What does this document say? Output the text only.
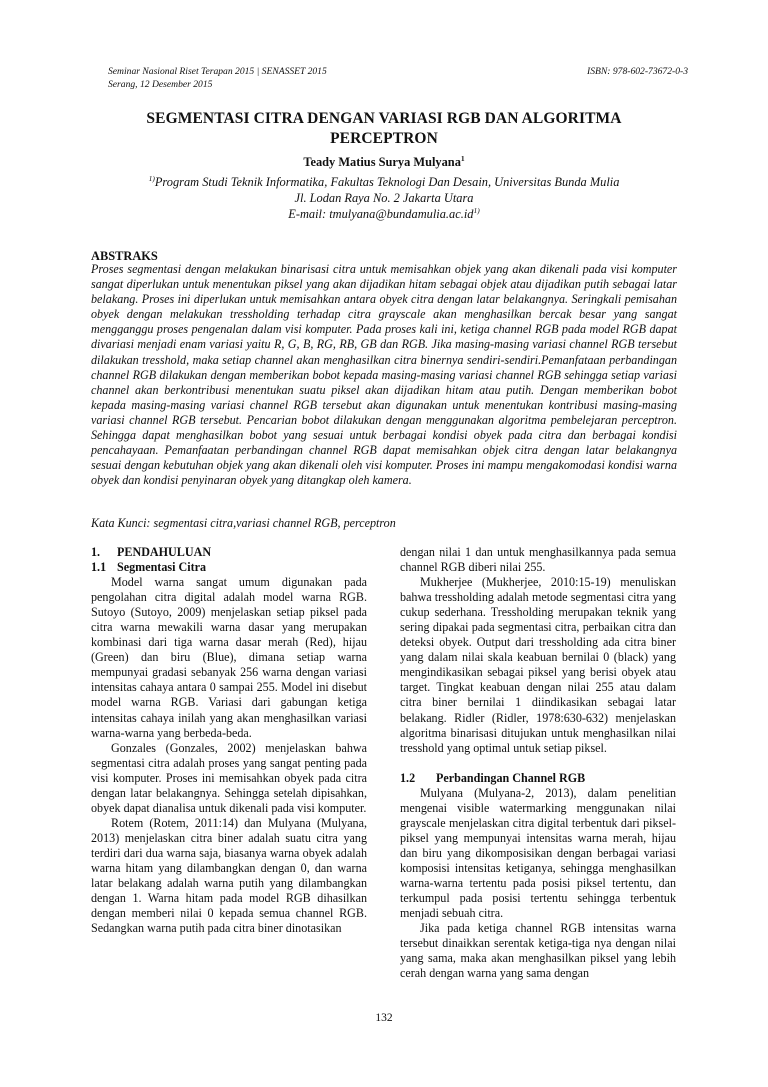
Seminar Nasional Riset Terapan 2015 | SENASSET 2015
Serang, 12 Desember 2015
ISBN: 978-602-73672-0-3
SEGMENTASI CITRA DENGAN VARIASI RGB DAN ALGORITMA
PERCEPTRON
Teady Matius Surya Mulyana$^1$
$^{1)}$Program Studi Teknik Informatika, Fakultas Teknologi Dan Desain, Universitas Bunda Mulia
Jl. Lodan Raya No. 2 Jakarta Utara
E-mail: $tmulyana@bundamulia.ac.id^{1)}$
ABSTRAKS

Proses segmentasi dengan melakukan binarisasi citra untuk memisahkan objek yang akan dikenali pada visi komputer sangat diperlukan untuk menentukan piksel yang akan dijadikan hitam sebagai objek atau dijadikan putih sebagai latar belakang. Proses ini diperlukan untuk memisahkan antara obyek citra dengan latar belakangnya. Seringkali pemisahan obyek dengan melakukan tressholding terhadap citra grayscale akan menghasilkan bercak besar yang sangat mengganggu proses pengenalan dalam visi komputer. Pada proses kali ini, ketiga channel RGB pada model RGB dapat divariasi menjadi enam variasi yaitu R, G, B, RG, RB, GB dan RGB. Jika masing-masing variasi channel RGB tersebut dilakukan tresshold, maka setiap channel akan menghasilkan citra binernya sendiri-sendiri.Pemanfataan perbandingan channel RGB dilakukan dengan memberikan bobot kepada masing-masing variasi channel RGB sehingga setiap variasi channel akan berkontribusi menentukan suatu piksel akan dijadikan hitam atau putih. Dengan memberikan bobot kepada masing-masing variasi channel RGB tersebut akan digunakan untuk menentukan kontribusi masing-masing variasi channel RGB tersebut. Pencarian bobot dilakukan dengan menggunakan algoritma pembelejaran perceptron. Sehingga dapat menghasilkan bobot yang sesuai untuk berbagai kondisi obyek pada citra dan berbagai kondisi pencahayaan. Pemanfaatan perbandingan channel RGB dapat memisahkan objek citra dengan latar belakangnya sesuai dengan kebutuhan objek yang akan dikenali oleh visi komputer. Proses ini mampu mengakomodasi kondisi warna obyek dan kondisi penyinaran obyek yang ditangkap oleh kamera.

Kata Kunci: segmentasi citra,variasi channel RGB, perceptron

1. PENDAHULUAN

1.1 Segmentasi Citra

Model warna sangat umum digunakan pada pengolahan citra digital adalah model warna RGB. Sutoyo (Sutoyo, 2009) menjelaskan setiap piksel pada citra warna mewakili warna dasar yang merupakan kombinasi dari tiga warna dasar merah (Red), hijau (Green) dan biru (Blue), dimana setiap warna mempunyai gradasi sebanyak 256 warna dengan variasi intensitas cahaya antara 0 sampai 255. Model ini disebut model warna RGB. Variasi dari gabungan ketiga intensitas cahaya inilah yang akan menghasilkan variasi warna-warna yang berbeda-beda.

Gonzales (Gonzales, 2002) menjelaskan bahwa segmentasi citra adalah proses yang sangat penting pada visi komputer. Proses ini memisahkan obyek pada citra dengan latar belakangnya. Sehingga setelah dipisahkan, obyek dapat dianalisa untuk dikenali pada visi komputer.

Rotem (Rotem, 2011:14) dan Mulyana (Mulyana, 2013) menjelaskan citra biner adalah suatu citra yang terdiri dari dua warna saja, biasanya warna obyek adalah warna hitam yang dilambangkan dengan 0, dan warna latar belakang adalah warna putih yang dilambangkan dengan 1. Warna hitam pada model RGB dihasilkan dengan memberi nilai 0 kepada semua channel RGB. Sedangkan warna putih pada citra biner dinotasikan

dengan nilai 1 dan untuk menghasilkannya pada semua channel RGB diberi nilai 255.

Mukherjee (Mukherjee, 2010:15-19) menuliskan bahwa tressholding adalah metode segmentasi citra yang cukup sederhana. Tressholding merupakan teknik yang sering dipakai pada segmentasi citra, perbaikan citra dan deteksi obyek. Output dari tressholding ada citra biner yang dalam nilai skala keabuan bernilai 0 (black) yang mengindikasikan sebagai piksel yang berisi obyek atau target. Tingkat keabuan dengan nilai 255 atau dalam citra biner bernilai 1 diindikasikan sebagai latar belakang. Ridler (Ridler, 1978:630-632) menjelaskan algoritma binarisasi ditujukan untuk menghasilkan nilai tresshold yang optimal untuk setiap piksel.

1.2 Perbandingan Channel RGB

Mulyana (Mulyana-2, 2013), dalam penelitian mengenai visible watermarking menggunakan nilai grayscale menjelaskan citra digital terbentuk dari piksel-piksel yang mempunyai intensitas warna merah, hijau dan biru yang dikomposisikan dengan berbagai variasi komposisi intensitas ketiganya, sehingga menghasilkan warna-warna tertentu pada posisi piksel tertentu, dan terkumpul pada posisi tertentu sehingga terbentuk menjadi sebuah citra.

Jika pada ketiga channel RGB intensitas warna tersebut dinaikkan serentak ketiga-tiga nya dengan nilai yang sama, maka akan menghasilkan piksel yang lebih cerah dengan warna yang sama dengan

132
